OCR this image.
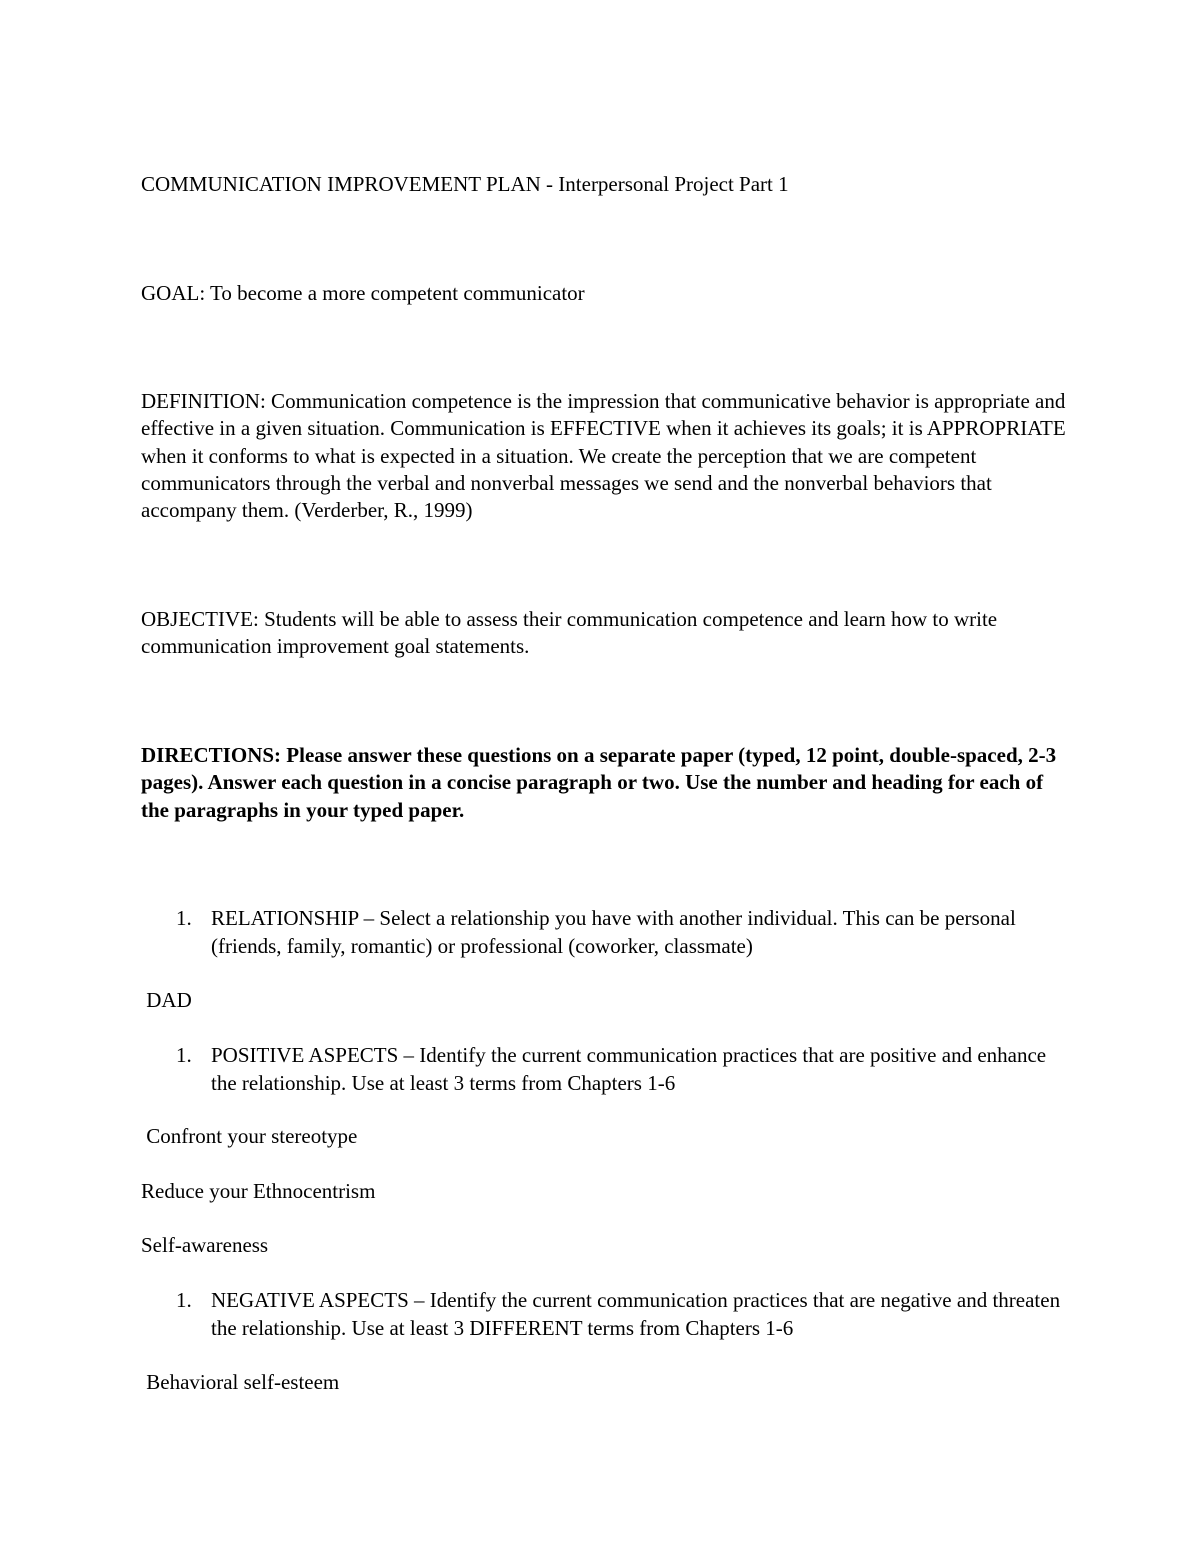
COMMUNICATION IMPROVEMENT PLAN - Interpersonal Project Part 1
GOAL: To become a more competent communicator
DEFINITION: Communication competence is the impression that communicative behavior is appropriate and effective in a given situation. Communication is EFFECTIVE when it achieves its goals; it is APPROPRIATE when it conforms to what is expected in a situation. We create the perception that we are competent communicators through the verbal and nonverbal messages we send and the nonverbal behaviors that accompany them. (Verderber, R., 1999)
OBJECTIVE: Students will be able to assess their communication competence and learn how to write communication improvement goal statements.
DIRECTIONS: Please answer these questions on a separate paper (typed, 12 point, double-spaced, 2-3 pages). Answer each question in a concise paragraph or two. Use the number and heading for each of the paragraphs in your typed paper.
1. RELATIONSHIP – Select a relationship you have with another individual. This can be personal (friends, family, romantic) or professional (coworker, classmate)
DAD
1. POSITIVE ASPECTS – Identify the current communication practices that are positive and enhance the relationship. Use at least 3 terms from Chapters 1-6
Confront your stereotype
Reduce your Ethnocentrism
Self-awareness
1. NEGATIVE ASPECTS – Identify the current communication practices that are negative and threaten the relationship. Use at least 3 DIFFERENT terms from Chapters 1-6
Behavioral self-esteem
